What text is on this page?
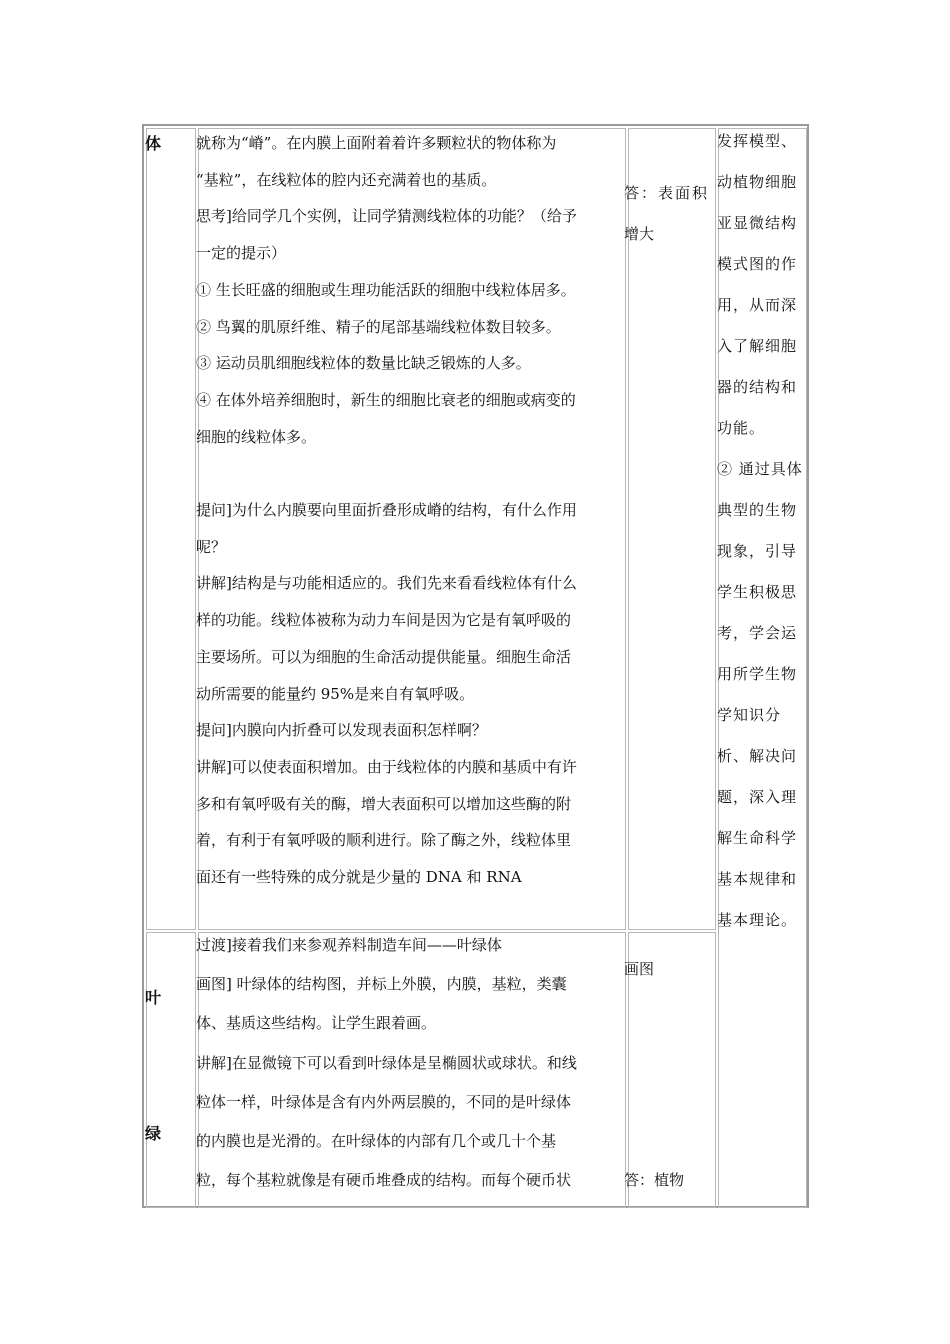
体
叶
绿
就称为“嵴”。在内膜上面附着着许多颗粒状的物体称为
“基粒”，在线粒体的腔内还充满着也的基质。
思考]给同学几个实例，让同学猜测线粒体的功能？（给予
一定的提示）
① 生长旺盛的细胞或生理功能活跃的细胞中线粒体居多。
② 鸟翼的肌原纤维、精子的尾部基端线粒体数目较多。
③ 运动员肌细胞线粒体的数量比缺乏锻炼的人多。
④ 在体外培养细胞时，新生的细胞比衰老的细胞或病变的
细胞的线粒体多。
提问]为什么内膜要向里面折叠形成嵴的结构，有什么作用
呢？
讲解]结构是与功能相适应的。我们先来看看线粒体有什么
样的功能。线粒体被称为动力车间是因为它是有氧呼吸的
主要场所。可以为细胞的生命活动提供能量。细胞生命活
动所需要的能量约 95%是来自有氧呼吸。
提问]内膜向内折叠可以发现表面积怎样啊？
讲解]可以使表面积增加。由于线粒体的内膜和基质中有许
多和有氧呼吸有关的酶，增大表面积可以增加这些酶的附
着，有利于有氧呼吸的顺利进行。除了酶之外，线粒体里
面还有一些特殊的成分就是少量的 DNA 和 RNA
过渡]接着我们来参观养料制造车间——叶绿体
画图] 叶绿体的结构图，并标上外膜，内膜，基粒，类囊
体、基质这些结构。让学生跟着画。
讲解]在显微镜下可以看到叶绿体是呈椭圆状或球状。和线
粒体一样，叶绿体是含有内外两层膜的，不同的是叶绿体
的内膜也是光滑的。在叶绿体的内部有几个或几十个基
粒，每个基粒就像是有硬币堆叠成的结构。而每个硬币状
答：表面积
增大
画图
答：植物
发挥模型、
动植物细胞
亚显微结构
模式图的作
用，从而深
入了解细胞
器的结构和
功能。
② 通过具体
典型的生物
现象，引导
学生积极思
考，学会运
用所学生物
学知识分
析、解决问
题，深入理
解生命科学
基本规律和
基本理论。
